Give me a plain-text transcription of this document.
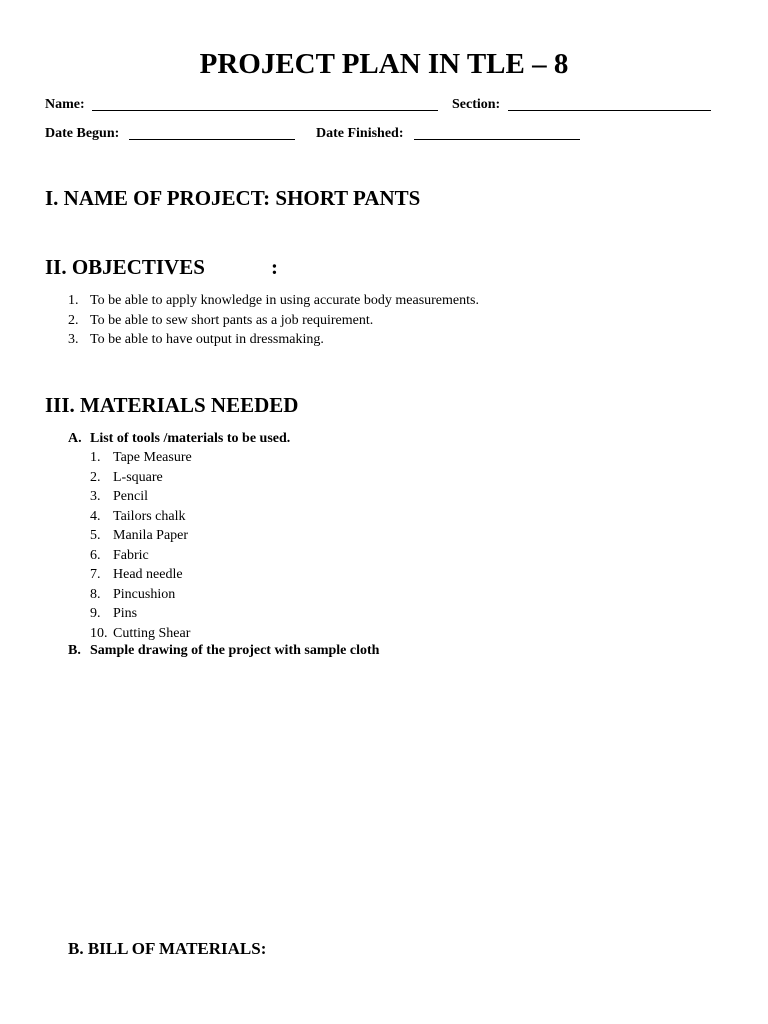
PROJECT PLAN IN TLE – 8
Name:	Section:
Date Begun:	Date Finished:
I. NAME OF PROJECT: SHORT PANTS
II. OBJECTIVES	:
1. To be able to apply knowledge in using accurate body measurements.
2. To be able to sew short pants as a job requirement.
3. To be able to have output in dressmaking.
III. MATERIALS NEEDED
A. List of tools /materials to be used.
1. Tape Measure
2. L-square
3. Pencil
4. Tailors chalk
5. Manila Paper
6. Fabric
7. Head needle
8. Pincushion
9. Pins
10. Cutting Shear
B. Sample drawing of the project with sample cloth
B. BILL OF MATERIALS:
